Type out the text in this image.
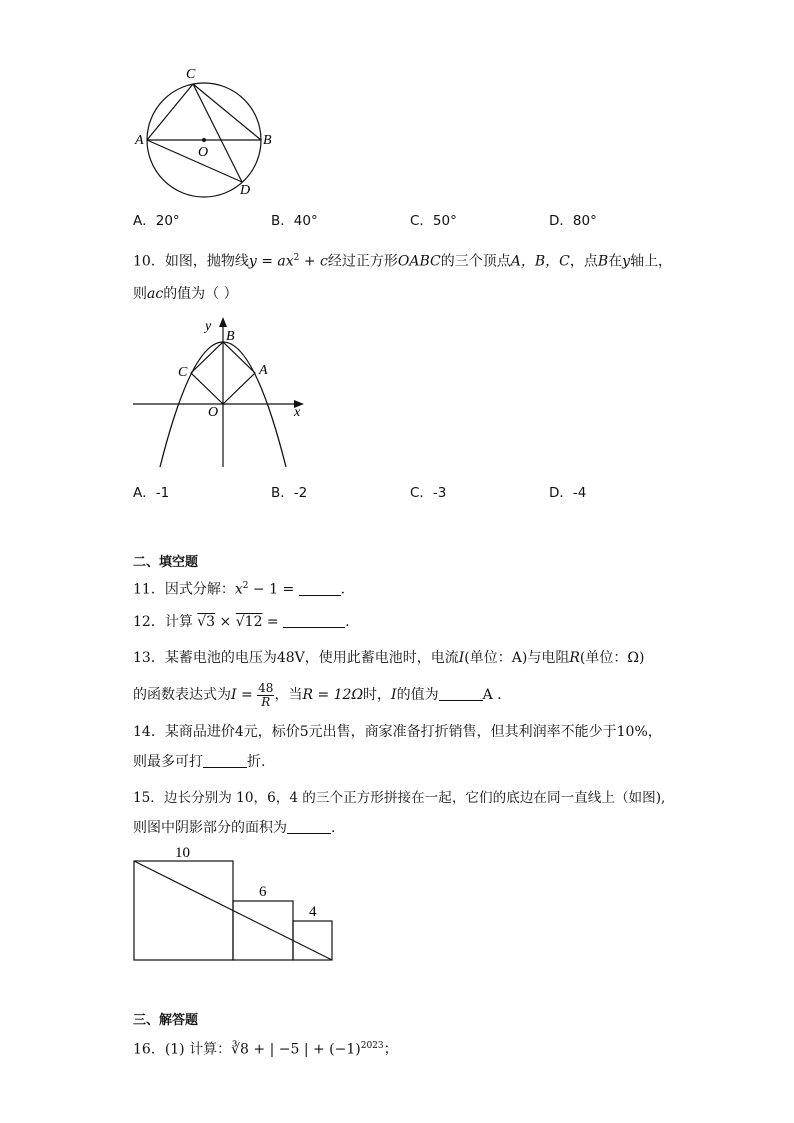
C
A
O
B
D
A．20°	B．40°	C．50°	D．80°
10．如图，抛物线$y = ax^2 + c$经过正方形OABC的三个顶点A，B，C，点B在y轴上，
则ac的值为（ ）
y
B
C	A
O	x
A．-1	B．-2	C．-3	D．-4
二、填空题
11．因式分解：$x^2 - 1$ =	.
12．计算 √3 × √12 =	.
13．某蓄电池的电压为48V，使用此蓄电池时，电流I(单位：A)与电阻R(单位：Ω)
的函数表达式为$I = \frac{48}{R}$ ，当R = 12Ω时，I的值为	A .
14．某商品进价4元，标价5元出售，商家准备打折销售，但其利润率不能少于10%，
则最多可打	折.
15．边长分别为 10，6，4 的三个正方形拼接在一起，它们的底边在同一直线上（如图),
则图中阴影部分的面积为	.
10
6
4
三、解答题
16．(1) 计算：∛8 + | −5 | + $(-1)^{2023}$；
